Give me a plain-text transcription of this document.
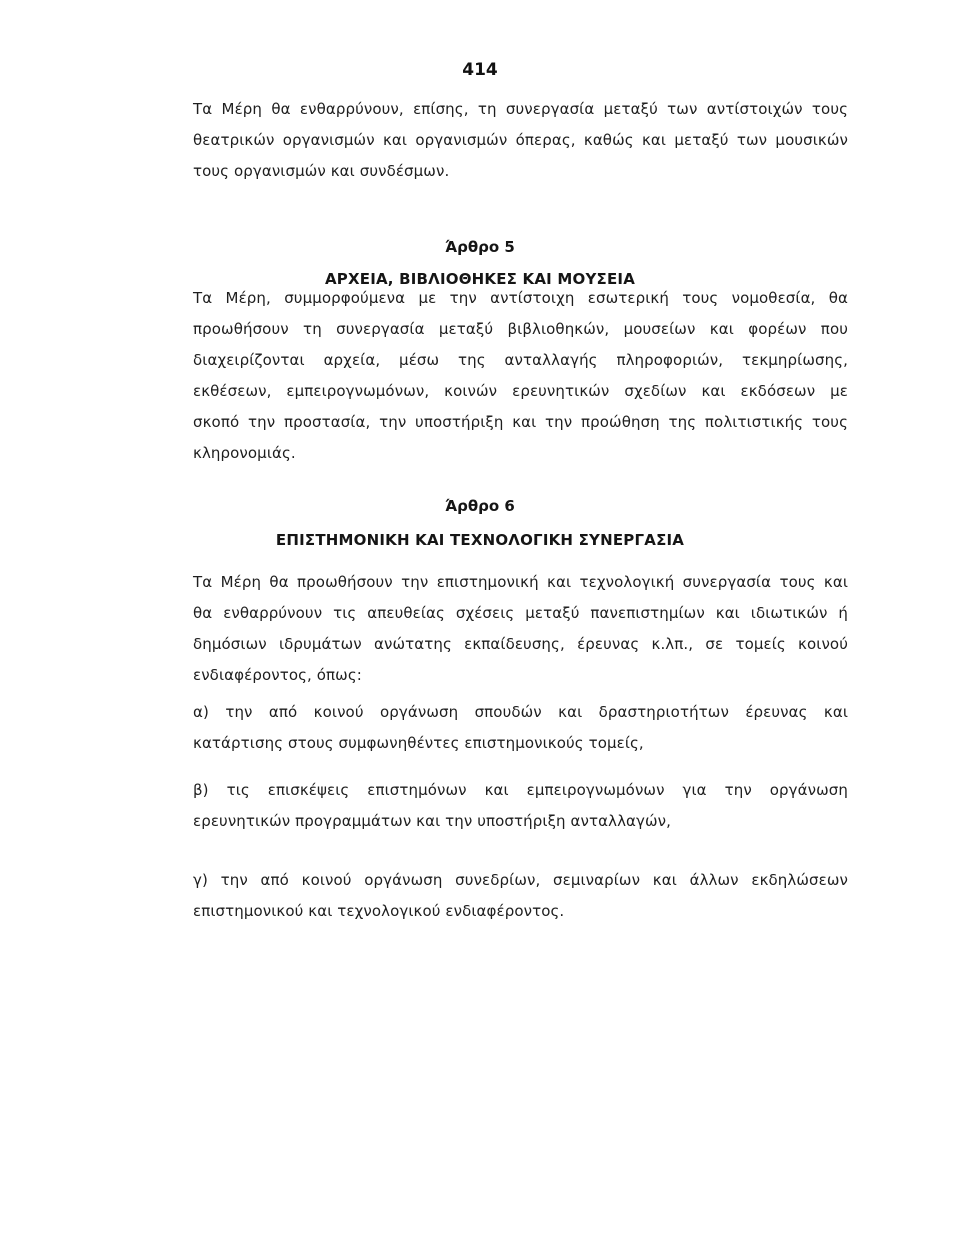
414
Τα Μέρη θα ενθαρρύνουν, επίσης, τη συνεργασία μεταξύ των αντίστοιχών τους
θεατρικών οργανισμών και οργανισμών όπερας, καθώς και μεταξύ των μουσικών
τους οργανισμών και συνδέσμων.
Άρθρο 5
ΑΡΧΕΙΑ, ΒΙΒΛΙΟΘΗΚΕΣ ΚΑΙ ΜΟΥΣΕΙΑ
Τα Μέρη, συμμορφούμενα με την αντίστοιχη εσωτερική τους νομοθεσία, θα
προωθήσουν τη συνεργασία μεταξύ βιβλιοθηκών, μουσείων και φορέων που
διαχειρίζονται αρχεία, μέσω της ανταλλαγής πληροφοριών, τεκμηρίωσης,
εκθέσεων, εμπειρογνωμόνων, κοινών ερευνητικών σχεδίων και εκδόσεων με
σκοπό την προστασία, την υποστήριξη και την προώθηση της πολιτιστικής τους
κληρονομιάς.
Άρθρο 6
ΕΠΙΣΤΗΜΟΝΙΚΗ ΚΑΙ ΤΕΧΝΟΛΟΓΙΚΗ ΣΥΝΕΡΓΑΣΙΑ
Τα Μέρη θα προωθήσουν την επιστημονική και τεχνολογική συνεργασία τους και
θα ενθαρρύνουν τις απευθείας σχέσεις μεταξύ πανεπιστημίων και ιδιωτικών ή
δημόσιων ιδρυμάτων ανώτατης εκπαίδευσης, έρευνας κ.λπ., σε τομείς κοινού
ενδιαφέροντος, όπως:
α) την από κοινού οργάνωση σπουδών και δραστηριοτήτων έρευνας και
κατάρτισης στους συμφωνηθέντες επιστημονικούς τομείς,
β) τις επισκέψεις επιστημόνων και εμπειρογνωμόνων για την οργάνωση
ερευνητικών προγραμμάτων και την υποστήριξη ανταλλαγών,
γ) την από κοινού οργάνωση συνεδρίων, σεμιναρίων και άλλων εκδηλώσεων
επιστημονικού και τεχνολογικού ενδιαφέροντος.
